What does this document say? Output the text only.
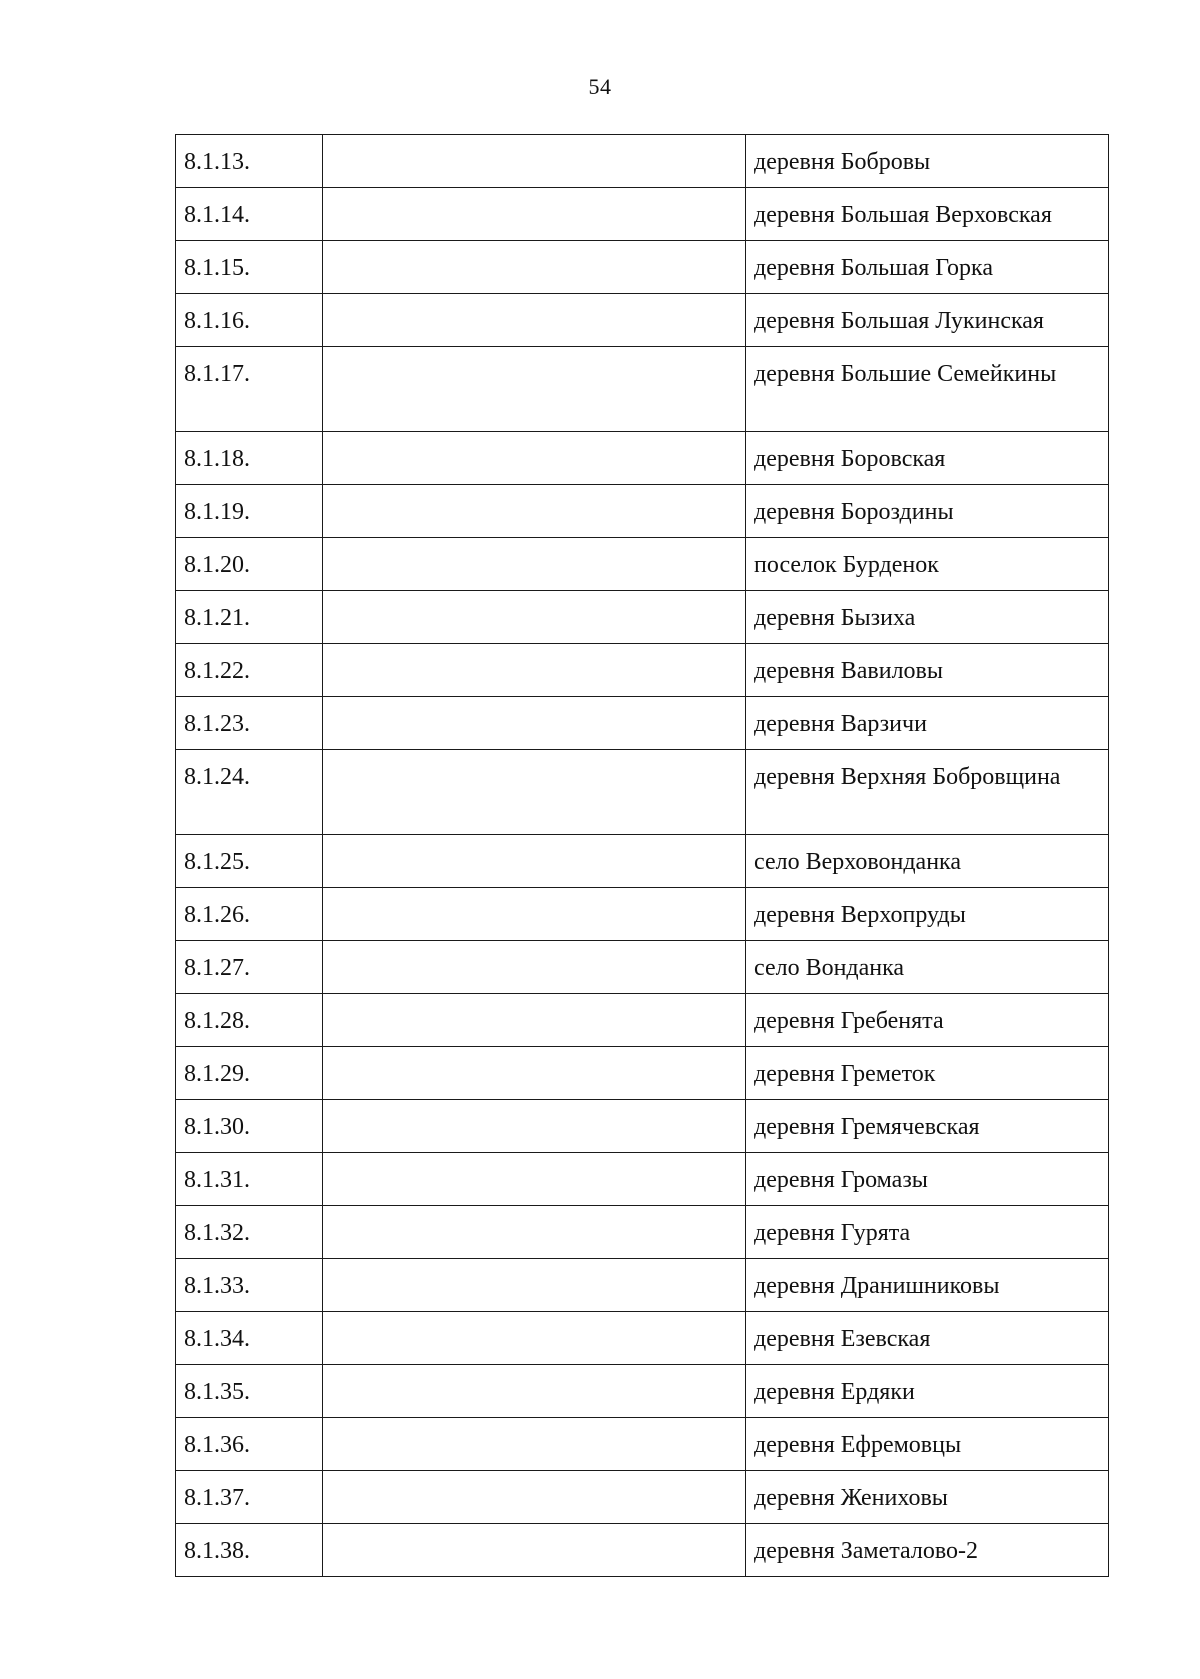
54
8.1.13.		деревня Бобровы

8.1.14.		деревня Большая Верховская

8.1.15.		деревня Большая Горка

8.1.16.		деревня Большая Лукинская

8.1.17.		деревня Большие Семейкины

8.1.18.		деревня Боровская

8.1.19.		деревня Бороздины

8.1.20.		поселок Бурденок

8.1.21.		деревня Бызиха

8.1.22.		деревня Вавиловы

8.1.23.		деревня Варзичи

8.1.24.		деревня Верхняя Бобровщина

8.1.25.		село Верховонданка

8.1.26.		деревня Верхопруды

8.1.27.		село Вонданка

8.1.28.		деревня Гребенята

8.1.29.		деревня Греметок

8.1.30.		деревня Гремячевская

8.1.31.		деревня Громазы

8.1.32.		деревня Гурята

8.1.33.		деревня Дранишниковы

8.1.34.		деревня Езевская

8.1.35.		деревня Ердяки

8.1.36.		деревня Ефремовцы

8.1.37.		деревня Жениховы

8.1.38.		деревня Заметалово-2
